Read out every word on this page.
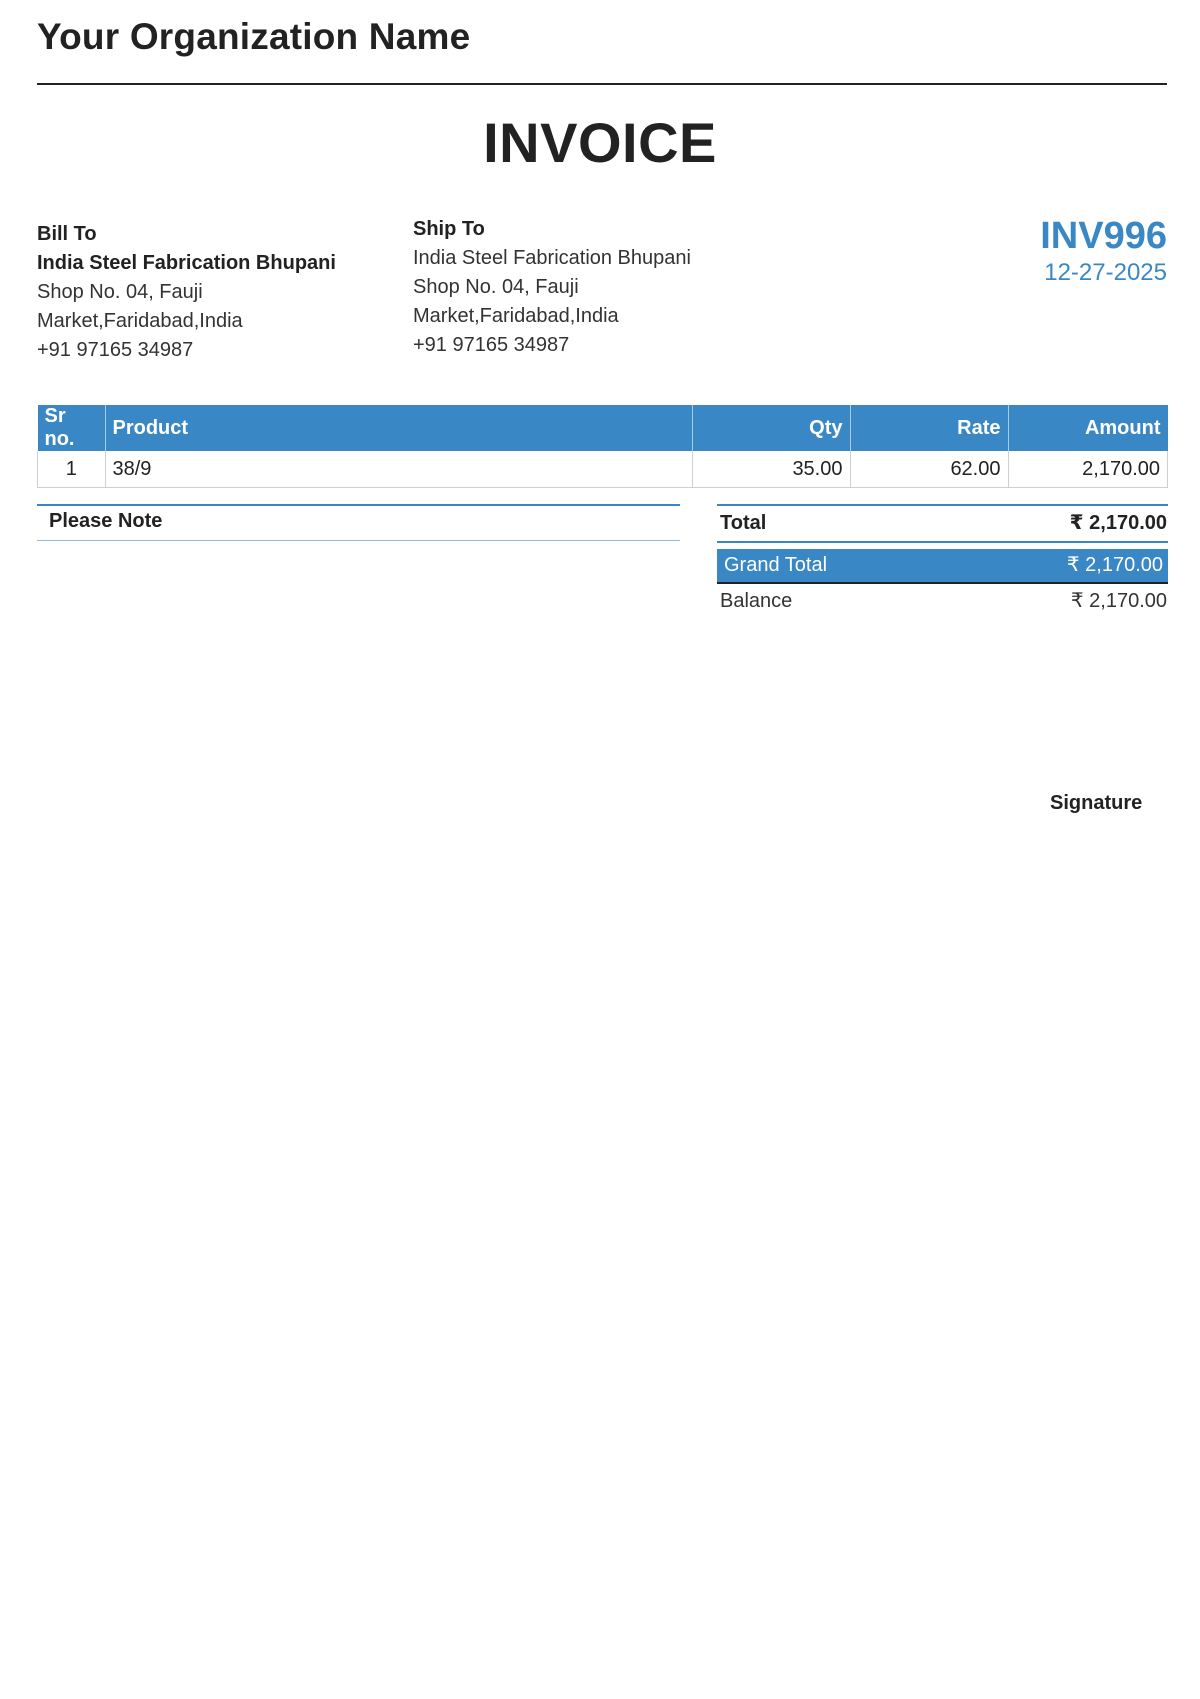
Your Organization Name
INVOICE
Bill To
India Steel Fabrication Bhupani
Shop No. 04, Fauji
Market,Faridabad,India
+91 97165 34987
Ship To
India Steel Fabrication Bhupani
Shop No. 04, Fauji
Market,Faridabad,India
+91 97165 34987
INV996
12-27-2025
Sr no.	Product	Qty	Rate	Amount
1	38/9	35.00	62.00	2,170.00
Please Note	Total	₹ 2,170.00
Grand Total	₹ 2,170.00
Balance	₹ 2,170.00
Signature
